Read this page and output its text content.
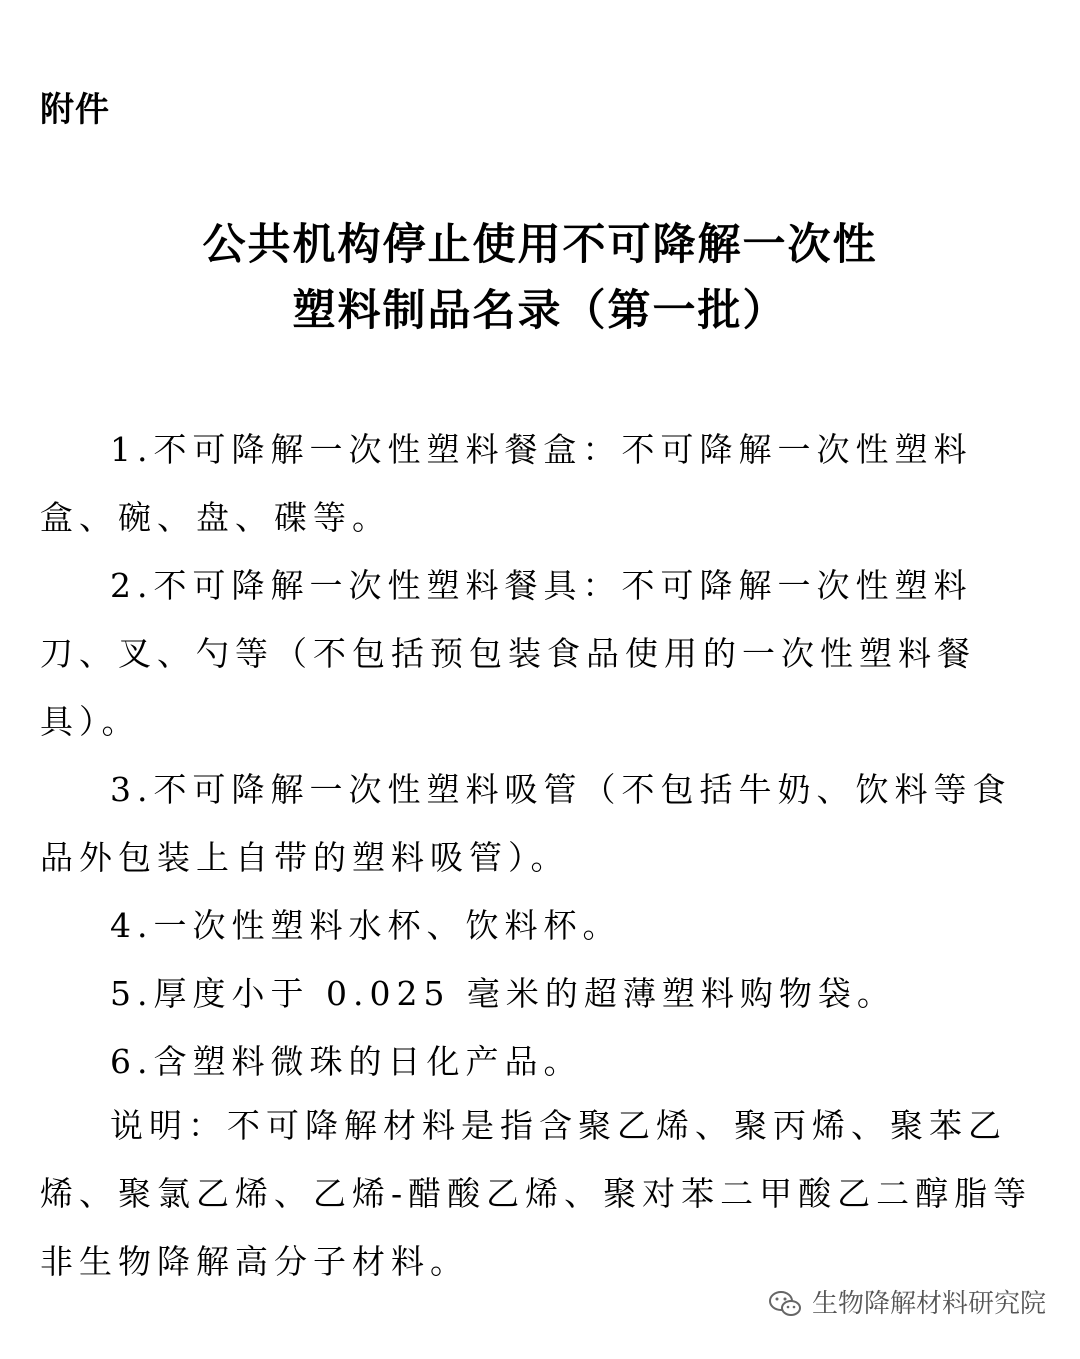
附件
公共机构停止使用不可降解一次性
塑料制品名录（第一批）

1.不可降解一次性塑料餐盒：不可降解一次性塑料盒、碗、盘、碟等。

2.不可降解一次性塑料餐具：不可降解一次性塑料刀、叉、勺等（不包括预包装食品使用的一次性塑料餐具）。

3.不可降解一次性塑料吸管（不包括牛奶、饮料等食品外包装上自带的塑料吸管）。

4.一次性塑料水杯、饮料杯。

5.厚度小于 0.025 毫米的超薄塑料购物袋。

6.含塑料微珠的日化产品。

说明：不可降解材料是指含聚乙烯、聚丙烯、聚苯乙烯、聚氯乙烯、乙烯-醋酸乙烯、聚对苯二甲酸乙二醇脂等非生物降解高分子材料。

生物降解材料研究院
